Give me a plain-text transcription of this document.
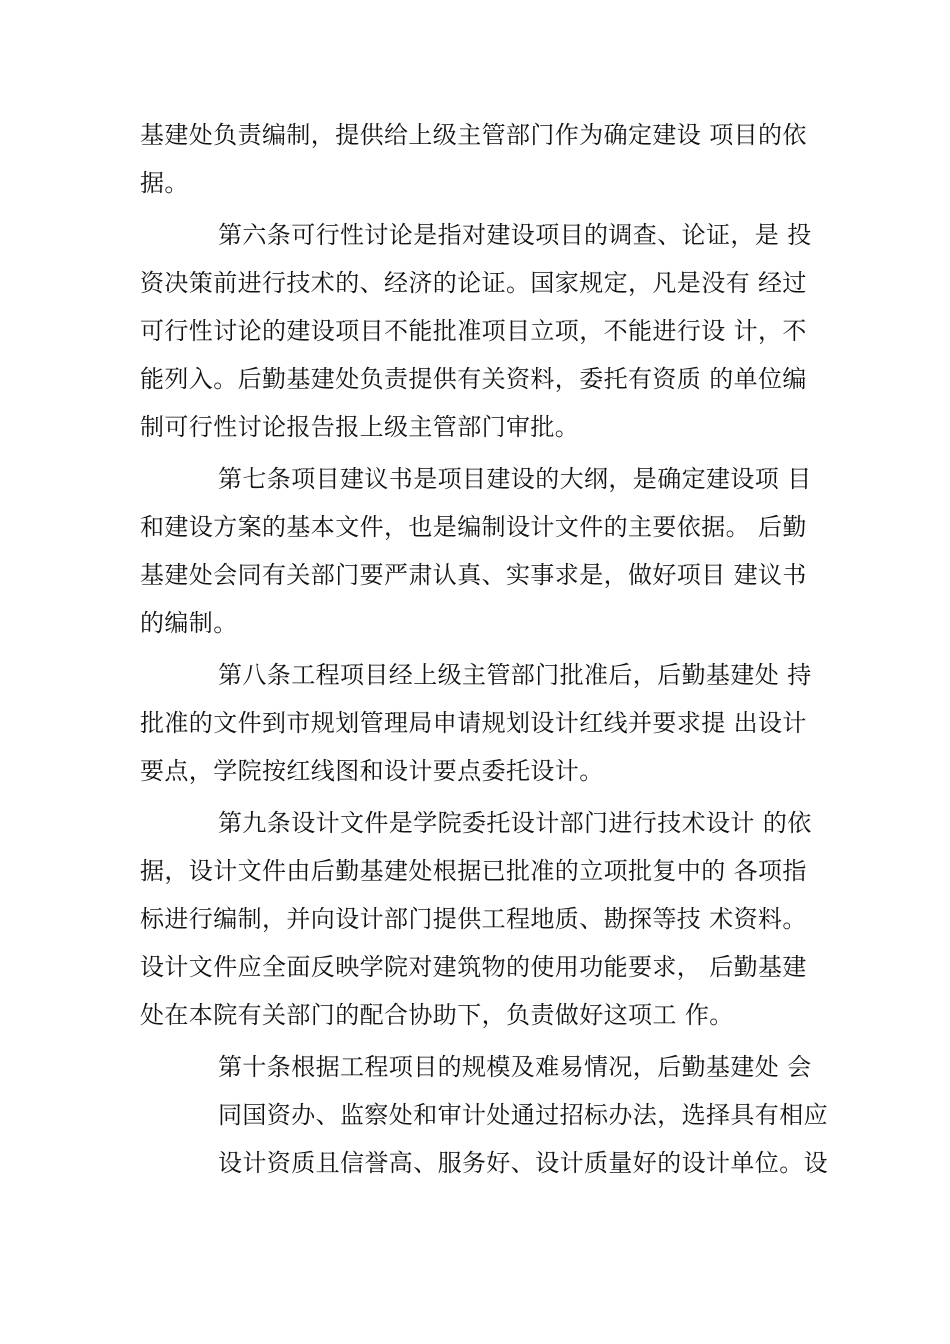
基建处负责编制，提供给上级主管部门作为确定建设 项目的依
据。
第六条可行性讨论是指对建设项目的调查、论证，是 投
资决策前进行技术的、经济的论证。国家规定，凡是没有 经过
可行性讨论的建设项目不能批准项目立项，不能进行设 计，不
能列入。后勤基建处负责提供有关资料，委托有资质 的单位编
制可行性讨论报告报上级主管部门审批。
第七条项目建议书是项目建设的大纲，是确定建设项 目
和建设方案的基本文件，也是编制设计文件的主要依据。 后勤
基建处会同有关部门要严肃认真、实事求是，做好项目 建议书
的编制。
第八条工程项目经上级主管部门批准后，后勤基建处 持
批准的文件到市规划管理局申请规划设计红线并要求提 出设计
要点，学院按红线图和设计要点委托设计。
第九条设计文件是学院委托设计部门进行技术设计 的依
据，设计文件由后勤基建处根据已批准的立项批复中的 各项指
标进行编制，并向设计部门提供工程地质、勘探等技 术资料。
设计文件应全面反映学院对建筑物的使用功能要求， 后勤基建
处在本院有关部门的配合协助下，负责做好这项工 作。
第十条根据工程项目的规模及难易情况，后勤基建处 会
同国资办、监察处和审计处通过招标办法，选择具有相应
设计资质且信誉高、服务好、设计质量好的设计单位。设
